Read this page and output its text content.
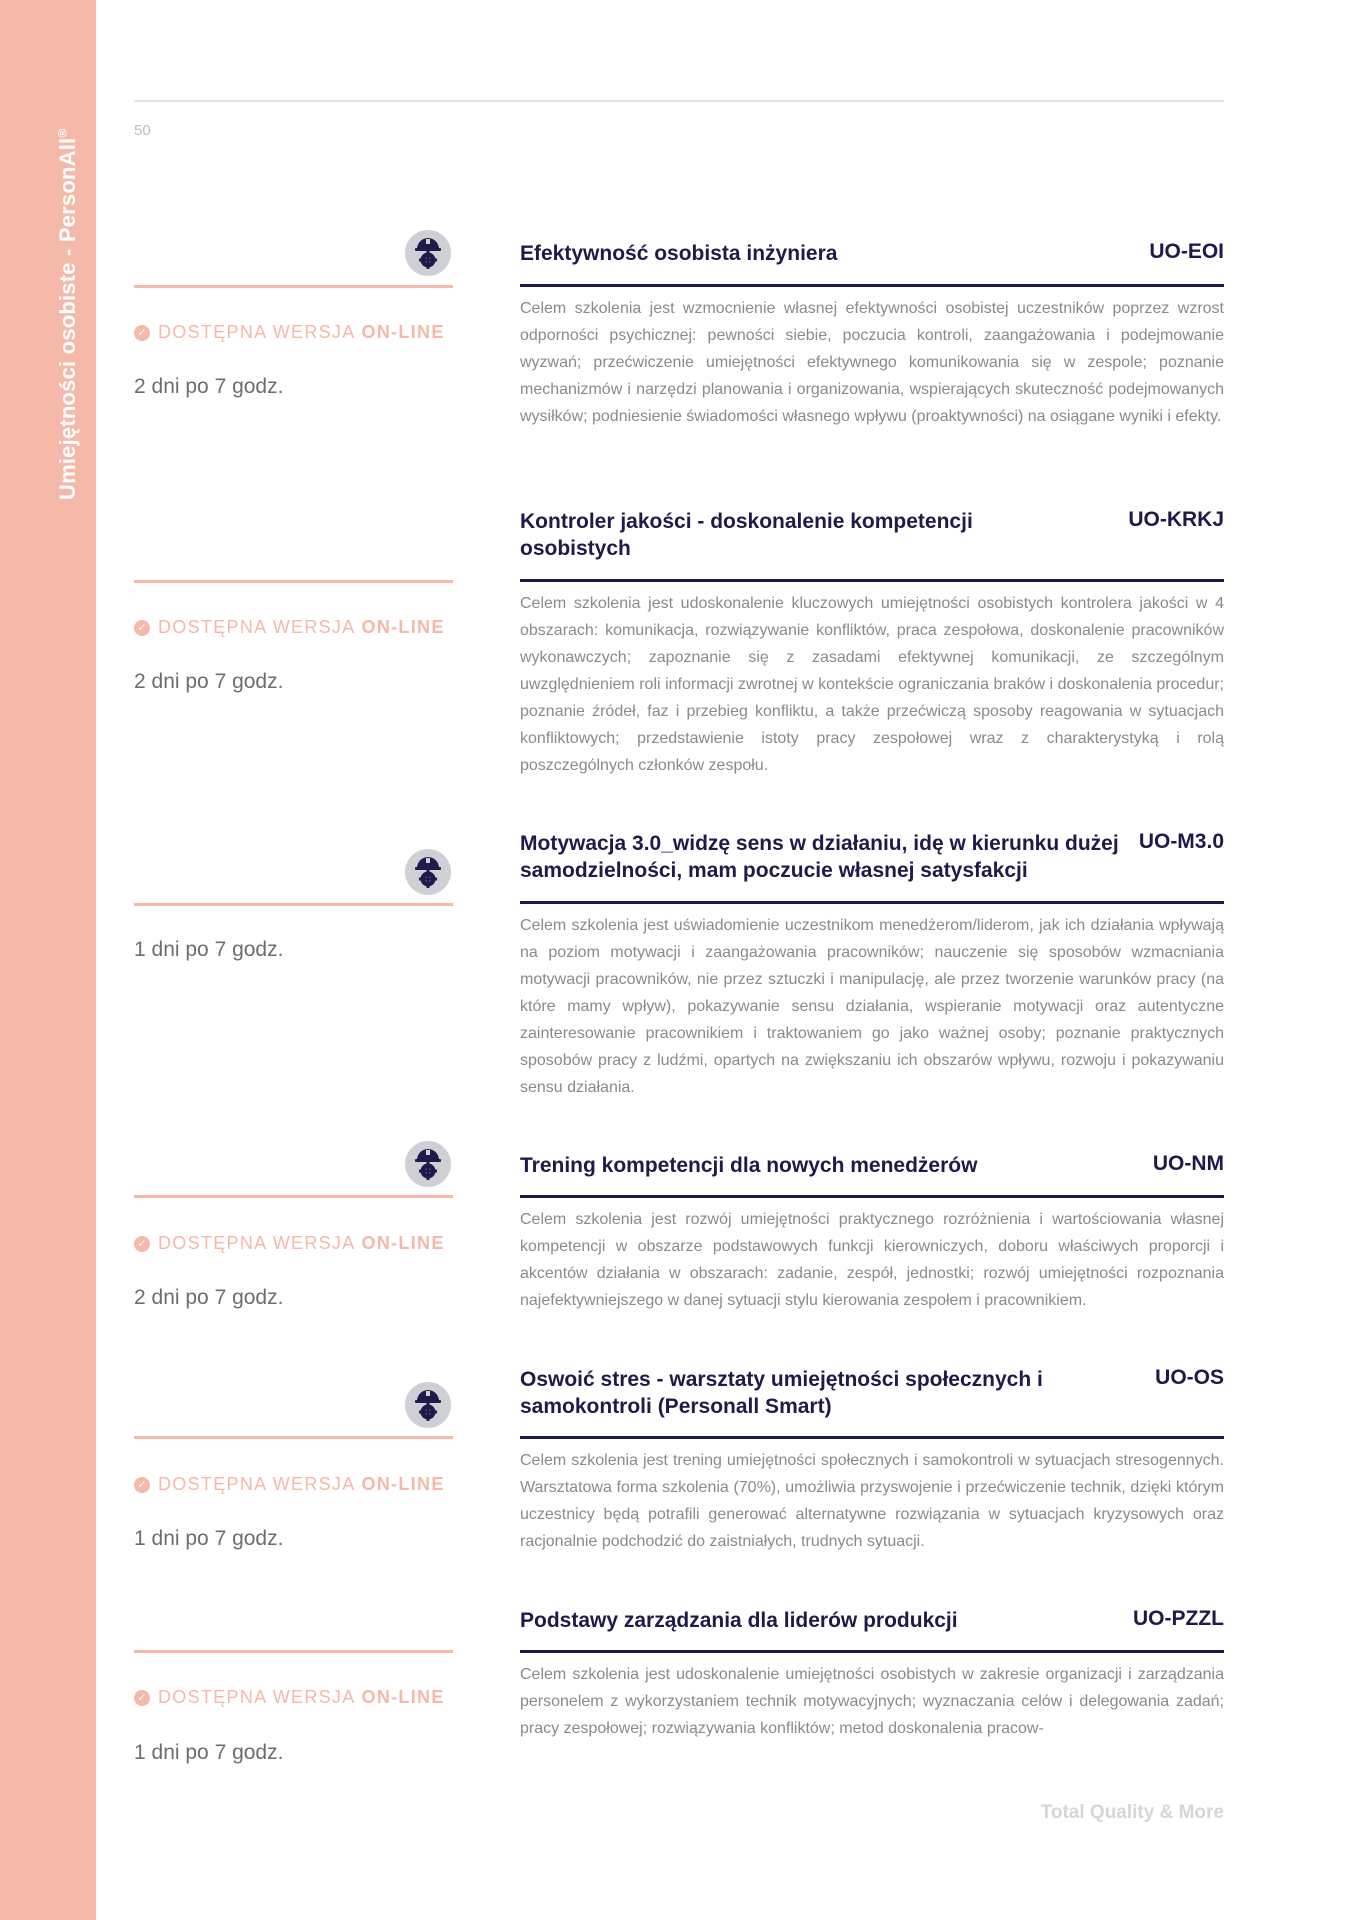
Umiejętności osobiste - PersonAll®	50
✓ DOSTĘPNA WERSJA ON-LINE
2 dni po 7 godz.
Efektywność osobista inżyniera	UO-EOI

Celem szkolenia jest wzmocnienie własnej efektywności osobistej uczestników poprzez wzrost odporności psychicznej: pewności siebie, poczucia kontroli, zaangażowania i podejmowanie wyzwań; przećwiczenie umiejętności efektywnego komunikowania się w zespole; poznanie mechanizmów i narzędzi planowania i organizowania, wspierających skuteczność podejmowanych wysiłków; podniesienie świadomości własnego wpływu (proaktywności) na osiągane wyniki i efekty.

✓ DOSTĘPNA WERSJA ON-LINE
2 dni po 7 godz.
Kontroler jakości - doskonalenie kompetencji osobistych
UO-KRKJ

Celem szkolenia jest udoskonalenie kluczowych umiejętności osobistych kontrolera jakości w 4 obszarach: komunikacja, rozwiązywanie konfliktów, praca zespołowa, doskonalenie pracowników wykonawczych; zapoznanie się z zasadami efektywnej komunikacji, ze szczególnym uwzględnieniem roli informacji zwrotnej w kontekście ograniczania braków i doskonalenia procedur; poznanie źródeł, faz i przebieg konfliktu, a także przećwiczą sposoby reagowania w sytuacjach konfliktowych; przedstawienie istoty pracy zespołowej wraz z charakterystyką i rolą poszczególnych członków zespołu.

1 dni po 7 godz.
Motywacja 3.0_widzę sens w działaniu, idę w kierunku dużej samodzielności, mam poczucie własnej satysfakcji
UO-M3.0

Celem szkolenia jest uświadomienie uczestnikom menedżerom/liderom, jak ich działania wpływają na poziom motywacji i zaangażowania pracowników; nauczenie się sposobów wzmacniania motywacji pracowników, nie przez sztuczki i manipulację, ale przez tworzenie warunków pracy (na które mamy wpływ), pokazywanie sensu działania, wspieranie motywacji oraz autentyczne zainteresowanie pracownikiem i traktowaniem go jako ważnej osoby; poznanie praktycznych sposobów pracy z ludźmi, opartych na zwiększaniu ich obszarów wpływu, rozwoju i pokazywaniu sensu działania.

✓ DOSTĘPNA WERSJA ON-LINE
2 dni po 7 godz.
Trening kompetencji dla nowych menedżerów	UO-NM

Celem szkolenia jest rozwój umiejętności praktycznego rozróżnienia i wartościowania własnej kompetencji w obszarze podstawowych funkcji kierowniczych, doboru właściwych proporcji i akcentów działania w obszarach: zadanie, zespół, jednostki; rozwój umiejętności rozpoznania najefektywniejszego w danej sytuacji stylu kierowania zespołem i pracownikiem.

✓ DOSTĘPNA WERSJA ON-LINE
1 dni po 7 godz.
Oswoić stres - warsztaty umiejętności społecznych i samokontroli (Personall Smart)
UO-OS

Celem szkolenia jest trening umiejętności społecznych i samokontroli w sytuacjach stresogennych. Warsztatowa forma szkolenia (70%), umożliwia przyswojenie i przećwiczenie technik, dzięki którym uczestnicy będą potrafili generować alternatywne rozwiązania w sytuacjach kryzysowych oraz racjonalnie podchodzić do zaistniałych, trudnych sytuacji.

✓ DOSTĘPNA WERSJA ON-LINE
1 dni po 7 godz.
Podstawy zarządzania dla liderów produkcji	UO-PZZL

Celem szkolenia jest udoskonalenie umiejętności osobistych w zakresie organizacji i zarządzania personelem z wykorzystaniem technik motywacyjnych; wyznaczania celów i delegowania zadań; pracy zespołowej; rozwiązywania konfliktów; metod doskonalenia pracow-

Total Quality & More
